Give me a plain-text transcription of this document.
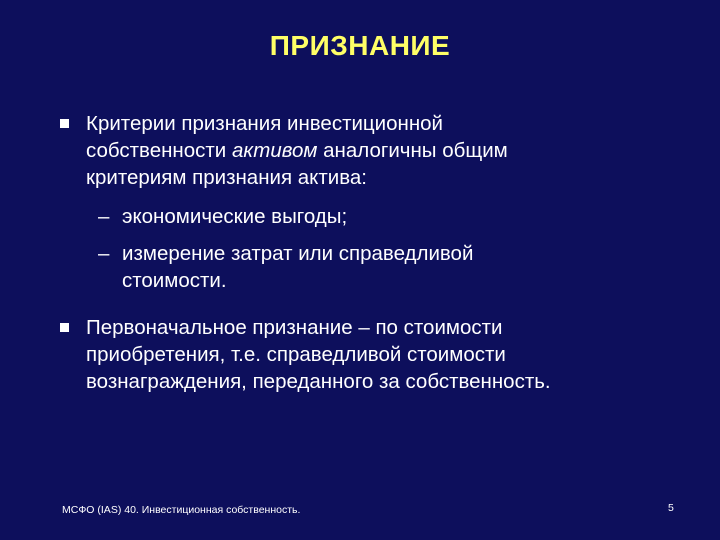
ПРИЗНАНИЕ
Критерии признания инвестиционной
собственности активом аналогичны общим
критериям признания актива:
– экономические выгоды;
– измерение затрат или справедливой
стоимости.
Первоначальное признание – по стоимости
приобретения, т.е. справедливой стоимости
вознаграждения, переданного за собственность.
МСФО (IAS) 40. Инвестиционная собственность.	5
